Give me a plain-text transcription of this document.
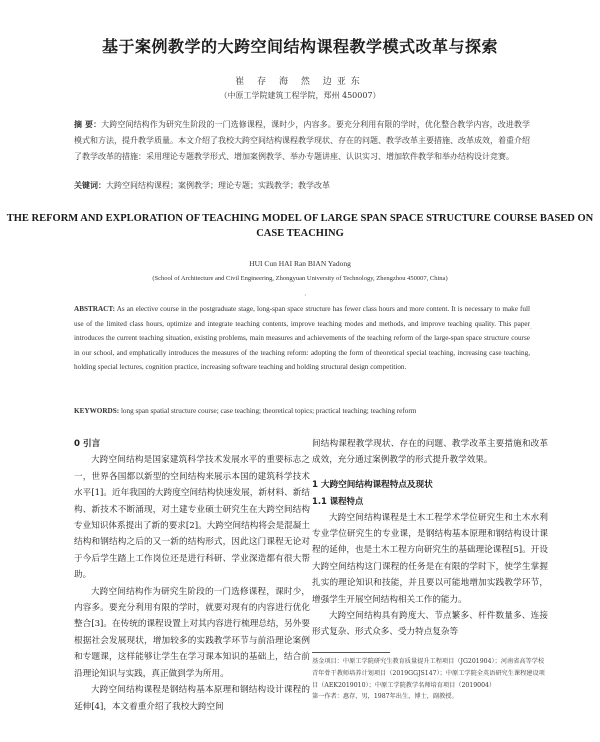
基于案例教学的大跨空间结构课程教学模式改革与探索
崔 存 海 然 边亚东
（中原工学院建筑工程学院，郑州 450007）
摘 要：大跨空间结构作为研究生阶段的一门选修课程，课时少，内容多。要充分利用有限的学时，优化整合教学内容，改进教学模式和方法，提升教学质量。本文介绍了我校大跨空间结构课程教学现状、存在的问题、教学改革主要措施、改革成效，着重介绍了教学改革的措施：采用理论专题教学形式、增加案例教学、举办专题讲座、认识实习、增加软件教学和举办结构设计竞赛。
关键词：大跨空间结构课程；案例教学；理论专题；实践教学；教学改革
THE REFORM AND EXPLORATION OF TEACHING MODEL OF LARGE SPAN SPACE STRUCTURE COURSE BASED ON CASE TEACHING
HUI Cun HAI Ran BIAN Yadong
(School of Architecture and Civil Engineering, Zhongyuan University of Technology, Zhengzhou 450007, China)
·
ABSTRACT: As an elective course in the postgraduate stage, long-span space structure has fewer class hours and more content. It is necessary to make full use of the limited class hours, optimize and integrate teaching contents, improve teaching modes and methods, and improve teaching quality. This paper introduces the current teaching situation, existing problems, main measures and achievements of the teaching reform of the large-span space structure course in our school, and emphatically introduces the measures of the teaching reform: adopting the form of theoretical special teaching, increasing case teaching, holding special lectures, cognition practice, increasing software teaching and holding structural design competition.
·
KEYWORDS: long span spatial structure course; case teaching; theoretical topics; practical teaching; teaching reform
0 引言

大跨空间结构是国家建筑科学技术发展水平的重要标志之一，世界各国都以新型的空间结构来展示本国的建筑科学技术水平[1]。近年我国的大跨度空间结构快速发展，新材料、新结构、新技术不断涌现，对土建专业硕士研究生在大跨空间结构专业知识体系提出了新的要求[2]。大跨空间结构将会是混凝土结构和钢结构之后的又一新的结构形式，因此这门课程无论对于今后学生踏上工作岗位还是进行科研、学业深造都有很大帮助。

大跨空间结构作为研究生阶段的一门选修课程，课时少，内容多。要充分利用有限的学时，就要对现有的内容进行优化整合[3]。在传统的课程设置上对其内容进行梳理总结，另外要根据社会发展现状，增加较多的实践教学环节与前沿理论案例和专题课，这样能够让学生在学习课本知识的基础上，结合前沿理论知识与实践，真正做到学为所用。

大跨空间结构课程是钢结构基本原理和钢结构设计课程的延伸[4]，本文着重介绍了我校大跨空间

间结构课程教学现状、存在的问题、教学改革主要措施和改革成效，充分通过案例教学的形式提升教学效果。

1 大跨空间结构课程特点及现状
1.1 课程特点

大跨空间结构课程是土木工程学术学位研究生和土木水利专业学位研究生的专业课，是钢结构基本原理和钢结构设计课程的延伸，也是土木工程方向研究生的基础理论课程[5]。开设大跨空间结构这门课程的任务是在有限的学时下，使学生掌握扎实的理论知识和技能，并且要以可能地增加实践教学环节，增强学生开展空间结构相关工作的能力。

大跨空间结构具有跨度大、节点繁多、杆件数量多、连接形式复杂、形式众多、受力特点复杂等

基金项目：中原工学院研究生教育质量提升工程项目（JG201904）；河南省高等学校青年骨干教师培养计划项目（2019GGJS147）；中原工学院全英语研究生课程建设项目（AEK2019010）；中原工学院教学名师培育项目（2019004）
第一作者：惠存，男，1987年出生，博士，副教授。
